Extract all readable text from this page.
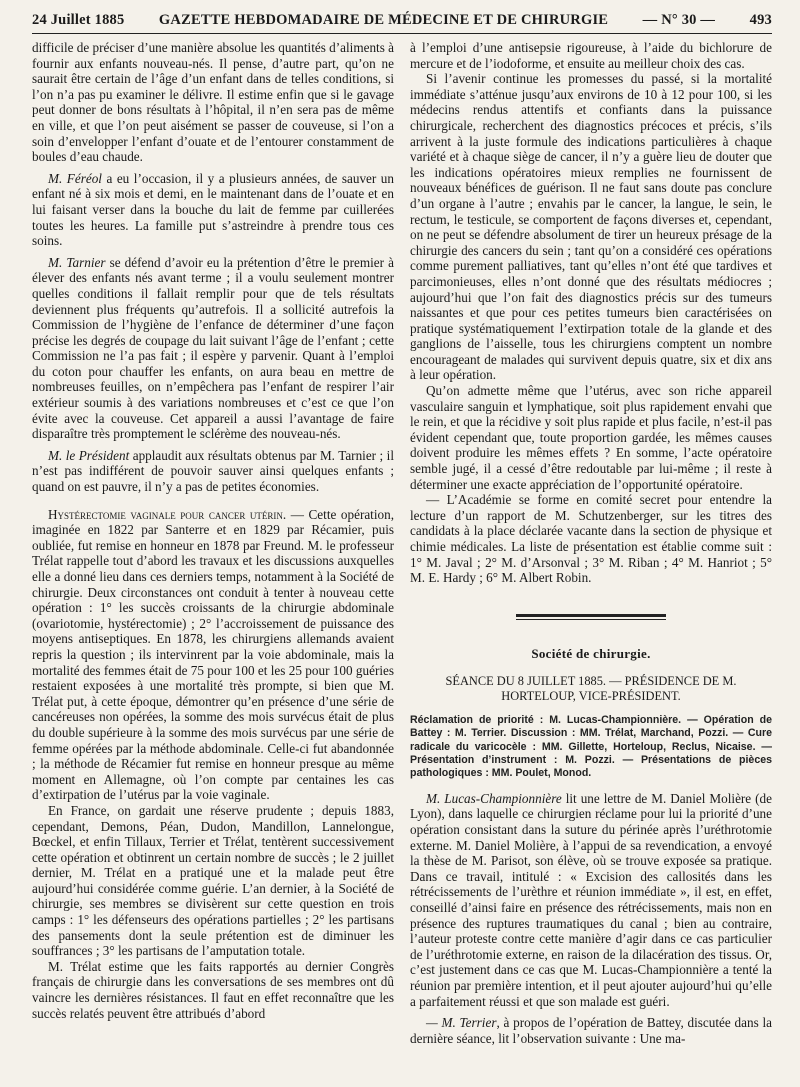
24 Juillet 1885 GAZETTE HEBDOMADAIRE DE MÉDECINE ET DE CHIRURGIE — N° 30 — 493

difficile de préciser d’une manière absolue les quantités d’aliments à fournir aux enfants nouveau-nés. Il pense, d’autre part, qu’on ne saurait être certain de l’âge d’un enfant dans de telles conditions, si l’on n’a pas pu examiner le délivre. Il estime enfin que si le gavage peut donner de bons résultats à l’hôpital, il n’en sera pas de même en ville, et que l’on peut aisément se passer de couveuse, si l’on a soin d’envelopper l’enfant d’ouate et de l’entourer constamment de boules d’eau chaude.

M. Féréol a eu l’occasion, il y a plusieurs années, de sauver un enfant né à six mois et demi, en le maintenant dans de l’ouate et en lui faisant verser dans la bouche du lait de femme par cuillerées toutes les heures. La famille put s’astreindre à prendre tous ces soins.

M. Tarnier se défend d’avoir eu la prétention d’être le premier à élever des enfants nés avant terme ; il a voulu seulement montrer quelles conditions il fallait remplir pour que de tels résultats deviennent plus fréquents qu’autrefois. Il a sollicité autrefois la Commission de l’hygiène de l’enfance de déterminer d’une façon précise les degrés de coupage du lait suivant l’âge de l’enfant ; cette Commission ne l’a pas fait ; il espère y parvenir. Quant à l’emploi du coton pour chauffer les enfants, on aura beau en mettre de nombreuses feuilles, on n’empêchera pas l’enfant de respirer l’air extérieur soumis à des variations nombreuses et c’est ce que l’on évite avec la couveuse. Cet appareil a aussi l’avantage de faire disparaître très promptement le sclérème des nouveau-nés.

M. le Président applaudit aux résultats obtenus par M. Tarnier ; il n’est pas indifférent de pouvoir sauver ainsi quelques enfants ; quand on est pauvre, il n’y a pas de petites économies.

Hystérectomie vaginale pour cancer utérin. — Cette opération, imaginée en 1822 par Santerre et en 1829 par Récamier, puis oubliée, fut remise en honneur en 1878 par Freund. M. le professeur Trélat rappelle tout d’abord les travaux et les discussions auxquelles elle a donné lieu dans ces derniers temps, notamment à la Société de chirurgie. Deux circonstances ont conduit à tenter à nouveau cette opération : 1° les succès croissants de la chirurgie abdominale (ovariotomie, hystérectomie) ; 2° l’accroissement de puissance des moyens antiseptiques. En 1878, les chirurgiens allemands avaient repris la question ; ils intervinrent par la voie abdominale, mais la mortalité des femmes était de 75 pour 100 et les 25 pour 100 guéries restaient exposées à une mortalité très prompte, si bien que M. Trélat put, à cette époque, démontrer qu’en présence d’une série de cancéreuses non opérées, la somme des mois survécus était de plus du double supérieure à la somme des mois survécus par une série de femme opérées par la méthode abdominale. Celle-ci fut abandonnée ; la méthode de Récamier fut remise en honneur presque au même moment en Allemagne, où l’on compte par centaines les cas d’extirpation de l’utérus par la voie vaginale.

En France, on gardait une réserve prudente ; depuis 1883, cependant, Demons, Péan, Dudon, Mandillon, Lannelongue, Bœckel, et enfin Tillaux, Terrier et Trélat, tentèrent successivement cette opération et obtinrent un certain nombre de succès ; le 2 juillet dernier, M. Trélat en a pratiqué une et la malade peut être aujourd’hui considérée comme guérie. L’an dernier, à la Société de chirurgie, ses membres se divisèrent sur cette question en trois camps : 1° les défenseurs des opérations partielles ; 2° les partisans des pansements dont la seule prétention est de diminuer les souffrances ; 3° les partisans de l’amputation totale.

M. Trélat estime que les faits rapportés au dernier Congrès français de chirurgie dans les conversations de ses membres ont dû vaincre les dernières résistances. Il faut en effet reconnaître que les succès relatés peuvent être attribués d’abord

à l’emploi d’une antisepsie rigoureuse, à l’aide du bichlorure de mercure et de l’iodoforme, et ensuite au meilleur choix des cas.

Si l’avenir continue les promesses du passé, si la mortalité immédiate s’atténue jusqu’aux environs de 10 à 12 pour 100, si les médecins rendus attentifs et confiants dans la puissance chirurgicale, recherchent des diagnostics précoces et précis, s’ils arrivent à la juste formule des indications particulières à chaque variété et à chaque siège de cancer, il n’y a guère lieu de douter que les indications opératoires mieux remplies ne fournissent de nouveaux bénéfices de guérison. Il ne faut sans doute pas conclure d’un organe à l’autre ; envahis par le cancer, la langue, le sein, le rectum, le testicule, se comportent de façons diverses et, cependant, on ne peut se défendre absolument de tirer un heureux présage de la chirurgie des cancers du sein ; tant qu’on a considéré ces opérations comme purement palliatives, tant qu’elles n’ont été que tardives et parcimonieuses, elles n’ont donné que des résultats médiocres ; aujourd’hui que l’on fait des diagnostics précis sur des tumeurs naissantes et que pour ces petites tumeurs bien caractérisées on pratique systématiquement l’extirpation totale de la glande et des ganglions de l’aisselle, tous les chirurgiens comptent un nombre encourageant de malades qui survivent depuis quatre, six et dix ans à leur opération.

Qu’on admette même que l’utérus, avec son riche appareil vasculaire sanguin et lymphatique, soit plus rapidement envahi que le rein, et que la récidive y soit plus rapide et plus facile, n’est-il pas évident cependant que, toute proportion gardée, les mêmes causes doivent produire les mêmes effets ? En somme, l’acte opératoire semble jugé, il a cessé d’être redoutable par lui-même ; il reste à déterminer une exacte appréciation de l’opportunité opératoire.

— L’Académie se forme en comité secret pour entendre la lecture d’un rapport de M. Schutzenberger, sur les titres des candidats à la place déclarée vacante dans la section de physique et chimie médicales. La liste de présentation est établie comme suit : 1° M. Javal ; 2° M. d’Arsonval ; 3° M. Riban ; 4° M. Hanriot ; 5° M. E. Hardy ; 6° M. Albert Robin.

Société de chirurgie.
SÉANCE DU 8 JUILLET 1885. — PRÉSIDENCE DE M. HORTELOUP, VICE-PRÉSIDENT.
Réclamation de priorité : M. Lucas-Championnière. — Opération de Battey : M. Terrier. Discussion : MM. Trélat, Marchand, Pozzi. — Cure radicale du varicocèle : MM. Gillette, Horteloup, Reclus, Nicaise. — Présentation d’instrument : M. Pozzi. — Présentations de pièces pathologiques : MM. Poulet, Monod.

M. Lucas-Championnière lit une lettre de M. Daniel Molière (de Lyon), dans laquelle ce chirurgien réclame pour lui la priorité d’une opération consistant dans la suture du périnée après l’uréthrotomie externe. M. Daniel Molière, à l’appui de sa revendication, a envoyé la thèse de M. Parisot, son élève, où se trouve exposée sa pratique. Dans ce travail, intitulé : « Excision des callosités dans les rétrécissements de l’urèthre et réunion immédiate », il est, en effet, conseillé d’ainsi faire en présence des rétrécissements, mais non en présence des ruptures traumatiques du canal ; bien au contraire, l’auteur proteste contre cette manière d’agir dans ce cas particulier de l’uréthrotomie externe, en raison de la dilacération des tissus. Or, c’est justement dans ce cas que M. Lucas-Championnière a tenté la réunion par première intention, et il peut ajouter aujourd’hui qu’elle a parfaitement réussi et que son malade est guéri.

— M. Terrier, à propos de l’opération de Battey, discutée dans la dernière séance, lit l’observation suivante : Une ma-
